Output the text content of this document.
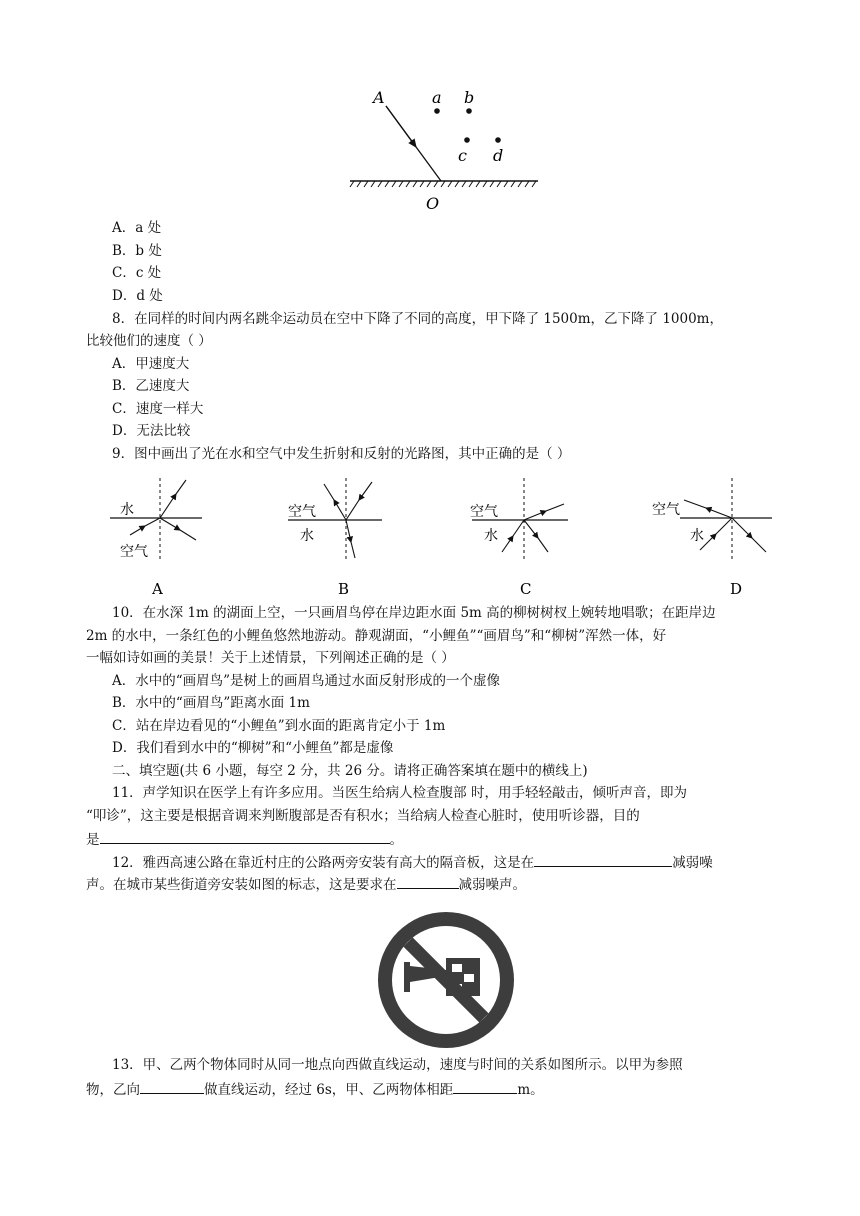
A	a b
c d
O
A．a 处
B．b 处
C．c 处
D．d 处
8．在同样的时间内两名跳伞运动员在空中下降了不同的高度，甲下降了 1500m，乙下降了 1000m，
比较他们的速度（ ）
A．甲速度大
B．乙速度大
C．速度一样大
D．无法比较
9．图中画出了光在水和空气中发生折射和反射的光路图，其中正确的是（ ）
水
空气
A
空气
水
B
空气
水
C
空气
水
D
10．在水深 1m 的湖面上空，一只画眉鸟停在岸边距水面 5m 高的柳树树杈上婉转地唱歌；在距岸边
2m 的水中，一条红色的小鲤鱼悠然地游动。静观湖面，“小鲤鱼”“画眉鸟”和“柳树”浑然一体，好
一幅如诗如画的美景！关于上述情景，下列阐述正确的是（ ）
A．水中的“画眉鸟”是树上的画眉鸟通过水面反射形成的一个虚像
B．水中的“画眉鸟”距离水面 1m
C．站在岸边看见的“小鲤鱼”到水面的距离肯定小于 1m
D．我们看到水中的“柳树”和“小鲤鱼”都是虚像
二、填空题(共 6 小题，每空 2 分，共 26 分。请将正确答案填在题中的横线上)
11．声学知识在医学上有许多应用。当医生给病人检查腹部 时，用手轻轻敲击，倾听声音，即为
“叩诊”，这主要是根据音调来判断腹部是否有积水；当给病人检查心脏时，使用听诊器，目的
是	。
12．雅西高速公路在靠近村庄的公路两旁安装有高大的隔音板，这是在	减弱噪
声。在城市某些街道旁安装如图的标志，这是要求在	减弱噪声。
13．甲、乙两个物体同时从同一地点向西做直线运动，速度与时间的关系如图所示。以甲为参照
物，乙向	做直线运动，经过 6s，甲、乙两物体相距	m。
